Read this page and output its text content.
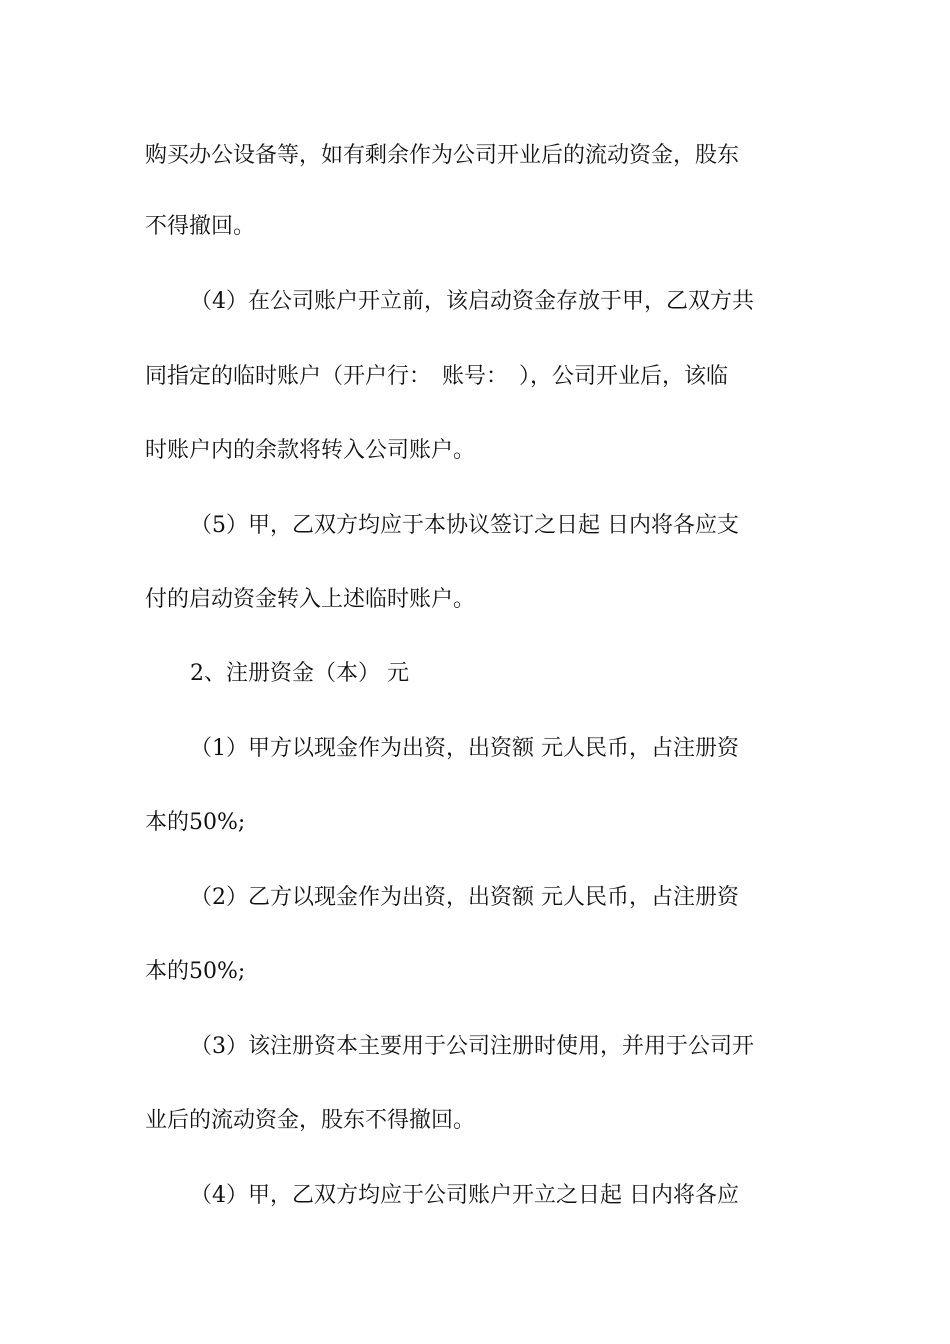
购买办公设备等，如有剩余作为公司开业后的流动资金，股东
不得撤回。
（4）在公司账户开立前，该启动资金存放于甲，乙双方共
同指定的临时账户（开户行：　账号：　），公司开业后，该临
时账户内的余款将转入公司账户。
（5）甲，乙双方均应于本协议签订之日起 日内将各应支
付的启动资金转入上述临时账户。
2、注册资金（本） 元
（1）甲方以现金作为出资，出资额 元人民币，占注册资
本的50%;
（2）乙方以现金作为出资，出资额 元人民币，占注册资
本的50%;
（3）该注册资本主要用于公司注册时使用，并用于公司开
业后的流动资金，股东不得撤回。
（4）甲，乙双方均应于公司账户开立之日起 日内将各应
